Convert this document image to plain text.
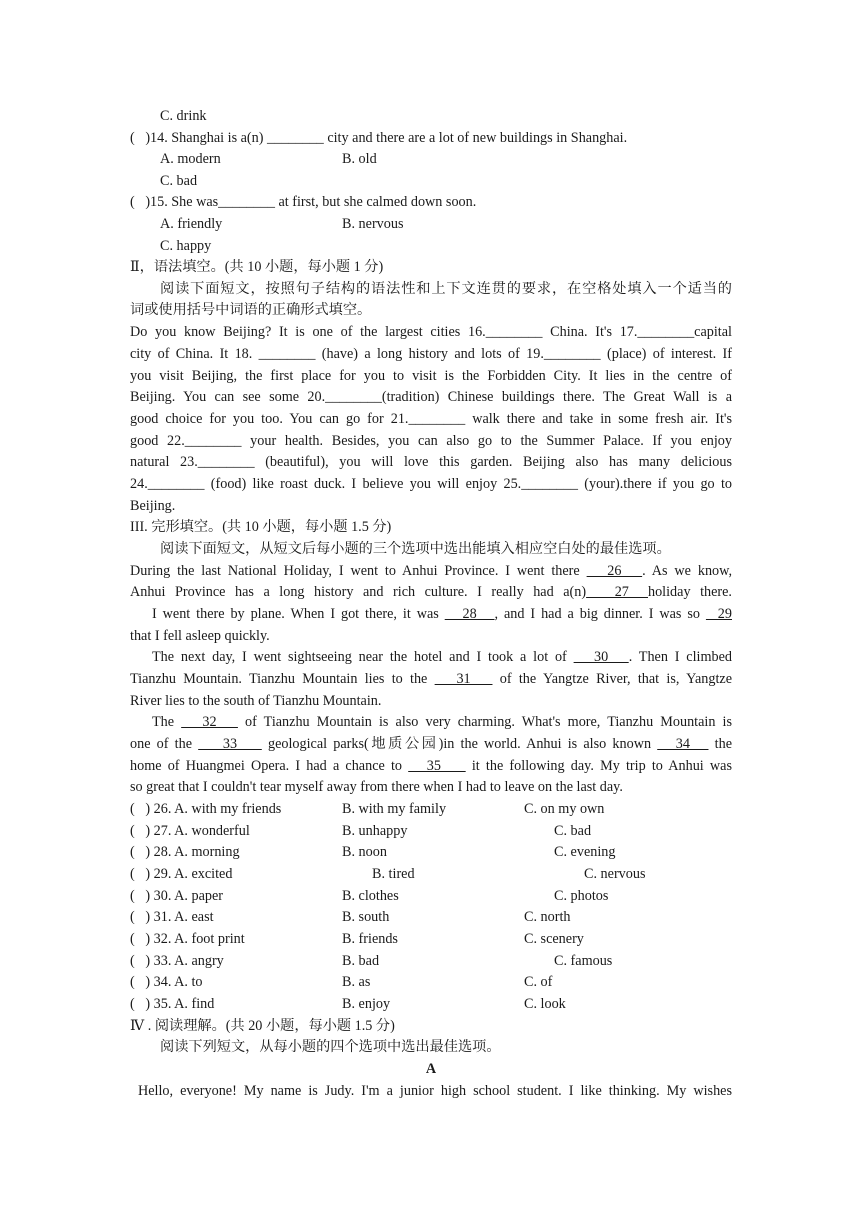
C. drink
(   ) 14. Shanghai is a(n) ________ city and there are a lot of new buildings in Shanghai.
A. modern	B. old
C. bad
(   ) 15. She was________ at first, but she calmed down soon.
A. friendly	B. nervous
C. happy
Ⅱ，语法填空。(共 10 小题，每小题 1 分)
阅读下面短文，按照句子结构的语法性和上下文连贯的要求，在空格处填入一个适当的
词或使用括号中词语的正确形式填空。
Do you know Beijing? It is one of the largest cities 16.________ China. It's 17.________capital
city of China. It 18. ________ (have) a long history and lots of 19.________ (place) of interest. If
you visit Beijing, the first place for you to visit is the Forbidden City. It lies in the centre of
Beijing. You can see some 20.________(tradition) Chinese buildings there. The Great Wall is a
good choice for you too. You can go for 21.________ walk there and take in some fresh air. It's
good 22.________ your health. Besides, you can also go to the Summer Palace. If you enjoy
natural 23.________ (beautiful), you will love this garden. Beijing also has many delicious
24.________ (food) like roast duck. I believe you will enjoy 25.________ (your).there if you go to
Beijing.
III. 完形填空。(共 10 小题，每小题 1.5 分)
阅读下面短文，从短文后每小题的三个选项中选出能填入相应空白处的最佳选项。
During the last National Holiday, I went to Anhui Province. I went there    26   . As we know,
Anhui Province has a long history and rich culture. I really had a(n)   27  holiday there.
I went there by plane. When I got there, it was    28   , and I had a big dinner. I was so   29
that I fell asleep quickly.
The next day, I went sightseeing near the hotel and I took a lot of    30   . Then I climbed
Tianzhu Mountain. Tianzhu Mountain lies to the    31    of the Yangtze River, that is, Yangtze
River lies to the south of Tianzhu Mountain.
The    32    of Tianzhu Mountain is also very charming. What's more, Tianzhu Mountain is
one of the     33     geological parks(地质公园)in the world. Anhui is also known    34    the
home of Huangmei Opera. I had a chance to    35     it the following day. My trip to Anhui was
so great that I couldn't tear myself away from there when I had to leave on the last day.
(   ) 26. A. with my friends	B. with my family	C. on my own
(   ) 27. A. wonderful	B. unhappy	C. bad
(   ) 28. A. morning	B. noon	C. evening
(   ) 29. A. excited	B. tired	C. nervous
(   ) 30. A. paper	B. clothes	C. photos
(   ) 31. A. east	B. south	C. north
(   ) 32. A. foot print	B. friends	C. scenery
(   ) 33. A. angry	B. bad	C. famous
(   ) 34. A. to	B. as	C. of
(   ) 35. A. find	B. enjoy	C. look
Ⅳ . 阅读理解。(共 20 小题，每小题 1.5 分)
阅读下列短文，从每小题的四个选项中选出最佳选项。
A
Hello, everyone! My name is Judy. I'm a junior high school student. I like thinking. My wishes
